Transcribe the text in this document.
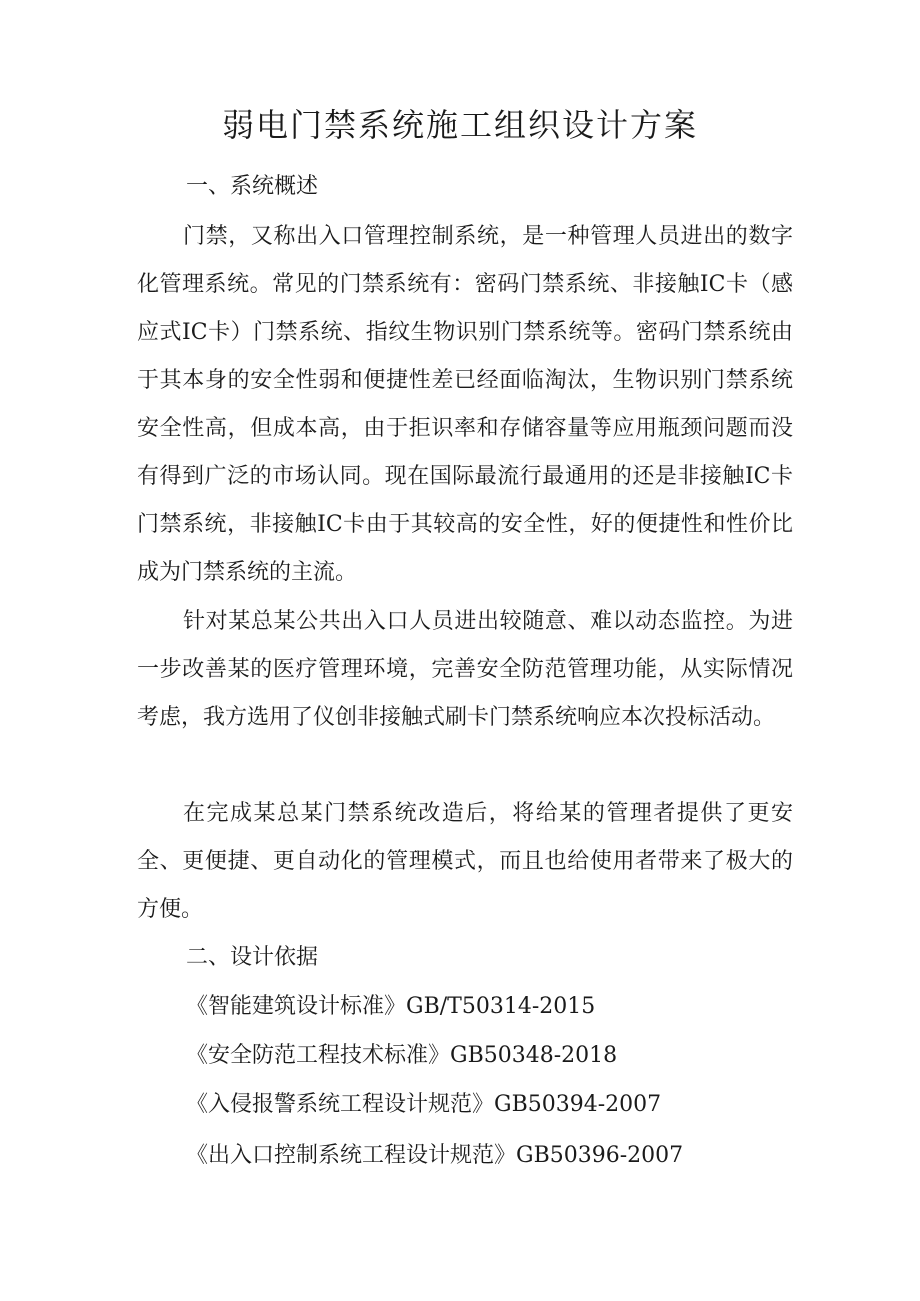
弱电门禁系统施工组织设计方案
一、系统概述

门禁，又称出入口管理控制系统，是一种管理人员进出的数字化管理系统。常见的门禁系统有：密码门禁系统、非接触IC卡（感应式IC卡）门禁系统、指纹生物识别门禁系统等。密码门禁系统由于其本身的安全性弱和便捷性差已经面临淘汰，生物识别门禁系统安全性高，但成本高，由于拒识率和存储容量等应用瓶颈问题而没有得到广泛的市场认同。现在国际最流行最通用的还是非接触IC卡门禁系统，非接触IC卡由于其较高的安全性，好的便捷性和性价比成为门禁系统的主流。

针对某总某公共出入口人员进出较随意、难以动态监控。为进一步改善某的医疗管理环境，完善安全防范管理功能，从实际情况考虑，我方选用了仪创非接触式刷卡门禁系统响应本次投标活动。

在完成某总某门禁系统改造后，将给某的管理者提供了更安全、更便捷、更自动化的管理模式，而且也给使用者带来了极大的方便。

二、设计依据

《智能建筑设计标准》GB/T50314-2015

《安全防范工程技术标准》GB50348-2018

《入侵报警系统工程设计规范》GB50394-2007

《出入口控制系统工程设计规范》GB50396-2007
